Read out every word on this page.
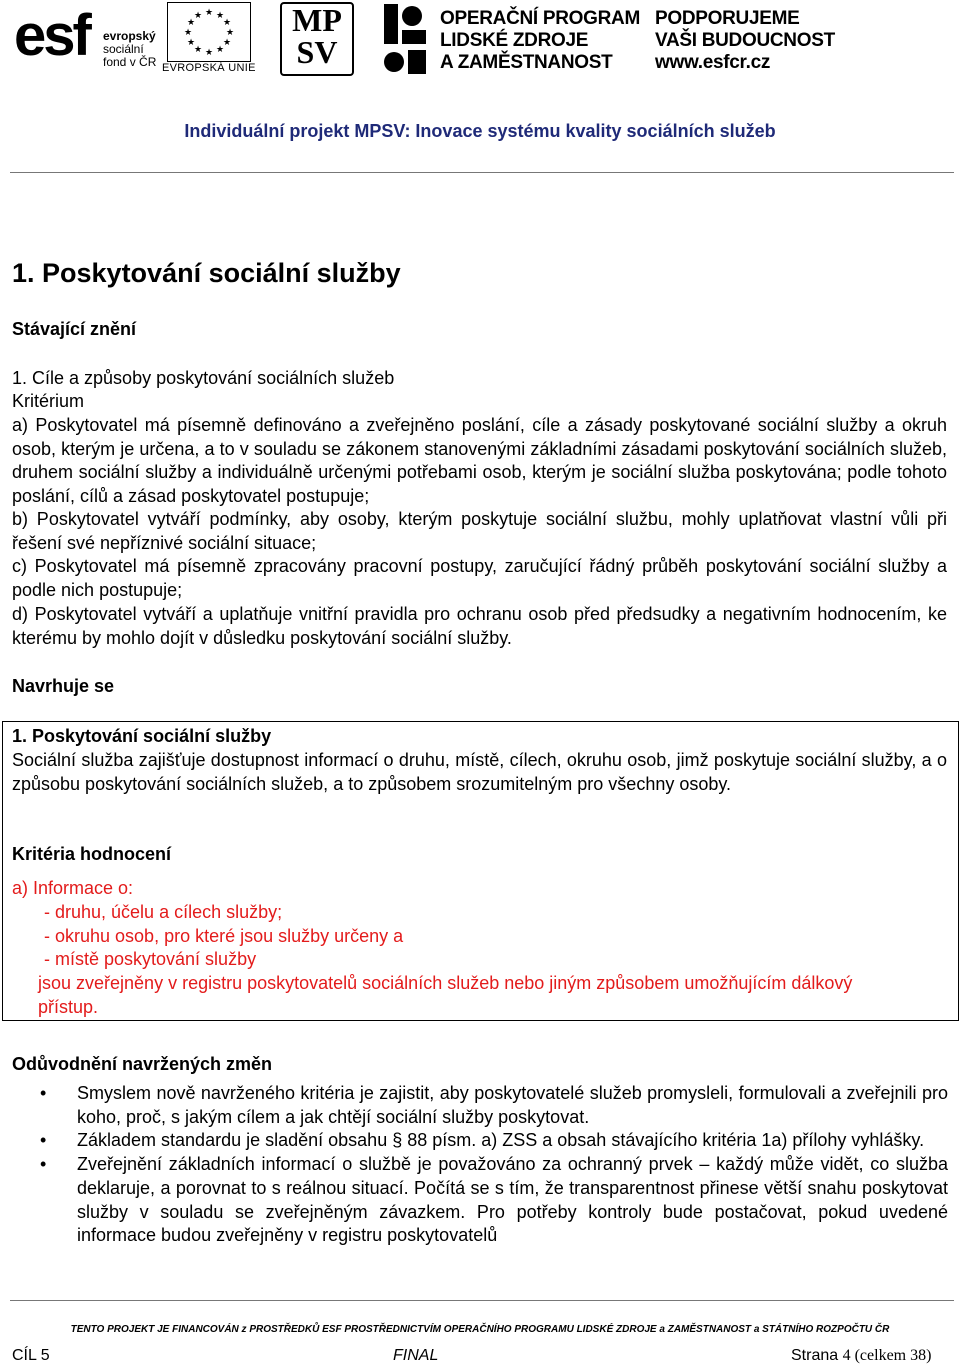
esf evropský
sociální
fond v ČR
★ ★
★
★
★
★
★
★
★
★
★
★
EVROPSKÁ UNIE
MP
SV
OPERAČNÍ PROGRAM
LIDSKÉ ZDROJE
A ZAMĚSTNANOST
PODPORUJEME
VAŠI BUDOUCNOST
www.esfcr.cz
Individuální projekt MPSV: Inovace systému kvality sociálních služeb
1. Poskytování sociální služby
Stávající znění
1. Cíle a způsoby poskytování sociálních služeb
Kritérium
a) Poskytovatel má písemně definováno a zveřejněno poslání, cíle a zásady poskytované sociální služby a okruh osob, kterým je určena, a to v souladu se zákonem stanovenými základními zásadami poskytování sociálních služeb, druhem sociální služby a individuálně určenými potřebami osob, kterým je sociální služba poskytována; podle tohoto poslání, cílů a zásad poskytovatel postupuje;
b) Poskytovatel vytváří podmínky, aby osoby, kterým poskytuje sociální službu, mohly uplatňovat vlastní vůli při řešení své nepříznivé sociální situace;
c) Poskytovatel má písemně zpracovány pracovní postupy, zaručující řádný průběh poskytování sociální služby a podle nich postupuje;
d) Poskytovatel vytváří a uplatňuje vnitřní pravidla pro ochranu osob před předsudky a negativním hodnocením, ke kterému by mohlo dojít v důsledku poskytování sociální služby.
Navrhuje se
1. Poskytování sociální služby
Sociální služba zajišťuje dostupnost informací o druhu, místě, cílech, okruhu osob, jimž poskytuje sociální služby, a o způsobu poskytování sociálních služeb, a to způsobem srozumitelným pro všechny osoby.
Kritéria hodnocení
a) Informace o:
- druhu, účelu a cílech služby;
- okruhu osob, pro které jsou služby určeny a
- místě poskytování služby
jsou zveřejněny v registru poskytovatelů sociálních služeb nebo jiným způsobem umožňujícím dálkový přístup.
Odůvodnění navržených změn
• Smyslem nově navrženého kritéria je zajistit, aby poskytovatelé služeb promysleli, formulovali a zveřejnili pro koho, proč, s jakým cílem a jak chtějí sociální služby poskytovat.
• Základem standardu je sladění obsahu § 88 písm. a) ZSS a obsah stávajícího kritéria 1a) přílohy vyhlášky.
• Zveřejnění základních informací o službě je považováno za ochranný prvek – každý může vidět, co služba deklaruje, a porovnat to s reálnou situací. Počítá se s tím, že transparentnost přinese větší snahu poskytovat služby v souladu se zveřejněným závazkem. Pro potřeby kontroly bude postačovat, pokud uvedené informace budou zveřejněny v registru poskytovatelů
TENTO PROJEKT JE FINANCOVÁN z PROSTŘEDKŮ ESF PROSTŘEDNICTVÍM OPERAČNÍHO PROGRAMU LIDSKÉ ZDROJE a ZAMĚSTNANOST a STÁTNÍHO ROZPOČTU ČR
CÍL 5	FINAL	Strana 4 (celkem 38)
